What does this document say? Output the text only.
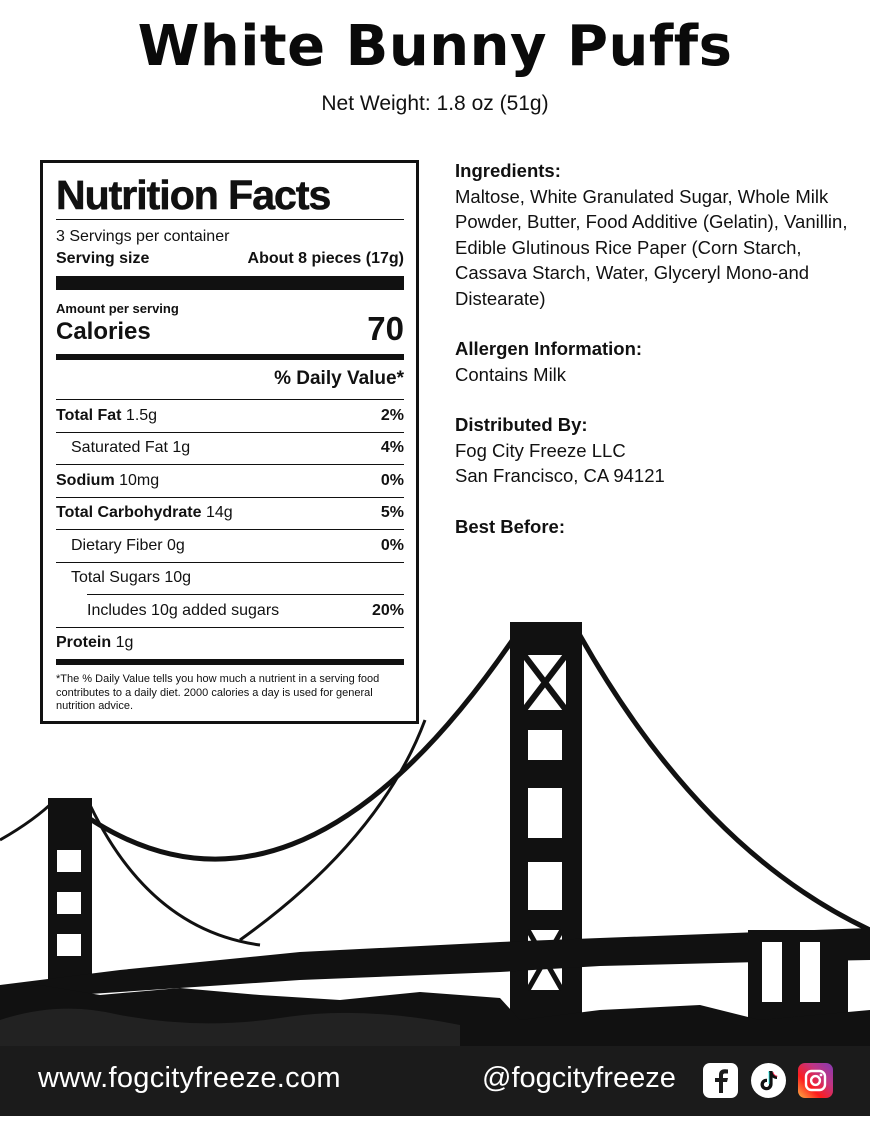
White Bunny Puffs
Net Weight: 1.8 oz (51g)
Nutrition Facts
3 Servings per container
Serving size	About 8 pieces (17g)
Amount per serving
Calories	70
% Daily Value*
Total Fat 1.5g	2%
Saturated Fat 1g	4%
Sodium 10mg	0%
Total Carbohydrate 14g	5%
Dietary Fiber 0g	0%
Total Sugars 10g
Includes 10g added sugars	20%
Protein 1g
*The % Daily Value tells you how much a nutrient in a serving food contributes to a daily diet. 2000 calories a day is used for general nutrition advice.
Ingredients:
Maltose, White Granulated Sugar, Whole Milk Powder, Butter, Food Additive (Gelatin), Vanillin, Edible Glutinous Rice Paper (Corn Starch, Cassava Starch, Water, Glyceryl Mono-and Distearate)
Allergen Information:
Contains Milk
Distributed By:
Fog City Freeze LLC
San Francisco, CA 94121
Best Before:
www.fogcityfreeze.com	@fogcityfreeze
